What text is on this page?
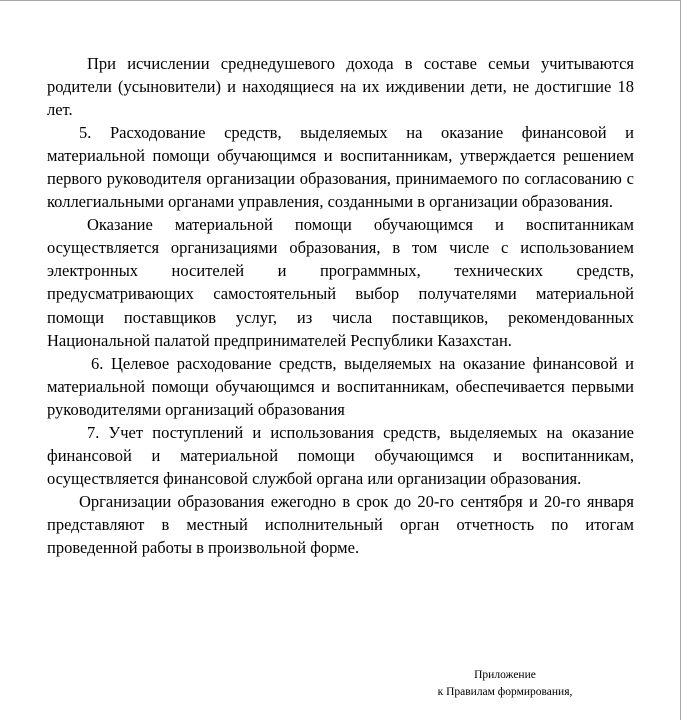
При исчислении среднедушевого дохода в составе семьи учитываются родители (усыновители) и находящиеся на их иждивении дети, не достигшие 18 лет.

5. Расходование средств, выделяемых на оказание финансовой и материальной помощи обучающимся и воспитанникам, утверждается решением первого руководителя организации образования, принимаемого по согласованию с коллегиальными органами управления, созданными в организации образования.

Оказание материальной помощи обучающимся и воспитанникам осуществляется организациями образования, в том числе с использованием электронных носителей и программных, технических средств, предусматривающих самостоятельный выбор получателями материальной помощи поставщиков услуг, из числа поставщиков, рекомендованных Национальной палатой предпринимателей Республики Казахстан.

6. Целевое расходование средств, выделяемых на оказание финансовой и материальной помощи обучающимся и воспитанникам, обеспечивается первыми руководителями организаций образования

7. Учет поступлений и использования средств, выделяемых на оказание финансовой и материальной помощи обучающимся и воспитанникам, осуществляется финансовой службой органа или организации образования.

Организации образования ежегодно в срок до 20-го сентября и 20-го января представляют в местный исполнительный орган отчетность по итогам проведенной работы в произвольной форме.

Приложение
к Правилам формирования,
